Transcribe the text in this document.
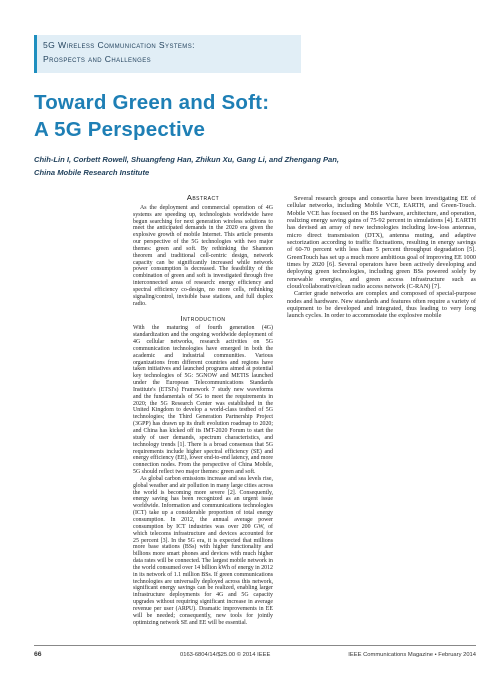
5G Wireless Communication Systems:
Prospects and Challenges
Toward Green and Soft:
A 5G Perspective
Chih-Lin I, Corbett Rowell, Shuangfeng Han, Zhikun Xu, Gang Li, and Zhengang Pan,
China Mobile Research Institute
Abstract

As the deployment and commercial operation of 4G systems are speeding up, technologists worldwide have begun searching for next generation wireless solutions to meet the anticipated demands in the 2020 era given the explosive growth of mobile Internet. This article presents our perspective of the 5G technologies with two major themes: green and soft. By rethinking the Shannon theorem and traditional cell-centric design, network capacity can be significantly increased while network power consumption is decreased. The feasibility of the combination of green and soft is investigated through five interconnected areas of research: energy efficiency and spectral efficiency co-design, no more cells, rethinking signaling/control, invisible base stations, and full duplex radio.

Introduction

With the maturing of fourth generation (4G) standardization and the ongoing worldwide deployment of 4G cellular networks, research activities on 5G communication technologies have emerged in both the academic and industrial communities. Various organizations from different countries and regions have taken initiatives and launched programs aimed at potential key technologies of 5G: 5GNOW and METIS launched under the European Telecommunications Standards Institute's (ETSI's) Framework 7 study new waveforms and the fundamentals of 5G to meet the requirements in 2020; the 5G Research Center was established in the United Kingdom to develop a world-class testbed of 5G technologies; the Third Generation Partnership Project (3GPP) has drawn up its draft evolution roadmap to 2020; and China has kicked off its IMT-2020 Forum to start the study of user demands, spectrum characteristics, and technology trends [1]. There is a broad consensus that 5G requirements include higher spectral efficiency (SE) and energy efficiency (EE), lower end-to-end latency, and more connection nodes. From the perspective of China Mobile, 5G should reflect two major themes: green and soft.

As global carbon emissions increase and sea levels rise, global weather and air pollution in many large cities across the world is becoming more severe [2]. Consequently, energy saving has been recognized as an urgent issue worldwide. Information and communications technologies (ICT) take up a considerable proportion of total energy consumption. In 2012, the annual average power consumption by ICT industries was over 200 GW, of which telecoms infrastructure and devices accounted for 25 percent [3]. In the 5G era, it is expected that millions more base stations (BSs) with higher functionality and billions more smart phones and devices with much higher data rates will be connected. The largest mobile network in the world consumed over 14 billion kWh of energy in 2012 in its network of 1.1 million BSs. If green communications technologies are universally deployed across this network, significant energy savings can be realized, enabling larger infrastructure deployments for 4G and 5G capacity upgrades without requiring significant increase in average revenue per user (ARPU). Dramatic improvements in EE will be needed; consequently, new tools for jointly optimizing network SE and EE will be essential.

Several research groups and consortia have been investigating EE of cellular networks, including Mobile VCE, EARTH, and Green-Touch. Mobile VCE has focused on the BS hardware, architecture, and operation, realizing energy saving gains of 75-92 percent in simulations [4]. EARTH has devised an array of new technologies including low-loss antennas, micro direct transmission (DTX), antenna muting, and adaptive sectorization according to traffic fluctuations, resulting in energy savings of 60-70 percent with less than 5 percent throughput degradation [5]. GreenTouch has set up a much more ambitious goal of improving EE 1000 times by 2020 [6]. Several operators have been actively developing and deploying green technologies, including green BSs powered solely by renewable energies, and green access infrastructure such as cloud/collaborative/clean radio access network (C-RAN) [7].

Carrier grade networks are complex and composed of special-purpose nodes and hardware. New standards and features often require a variety of equipment to be developed and integrated, thus leading to very long launch cycles. In order to accommodate the explosive mobile

66	0163-6804/14/$25.00 © 2014 IEEE	IEEE Communications Magazine • February 2014
